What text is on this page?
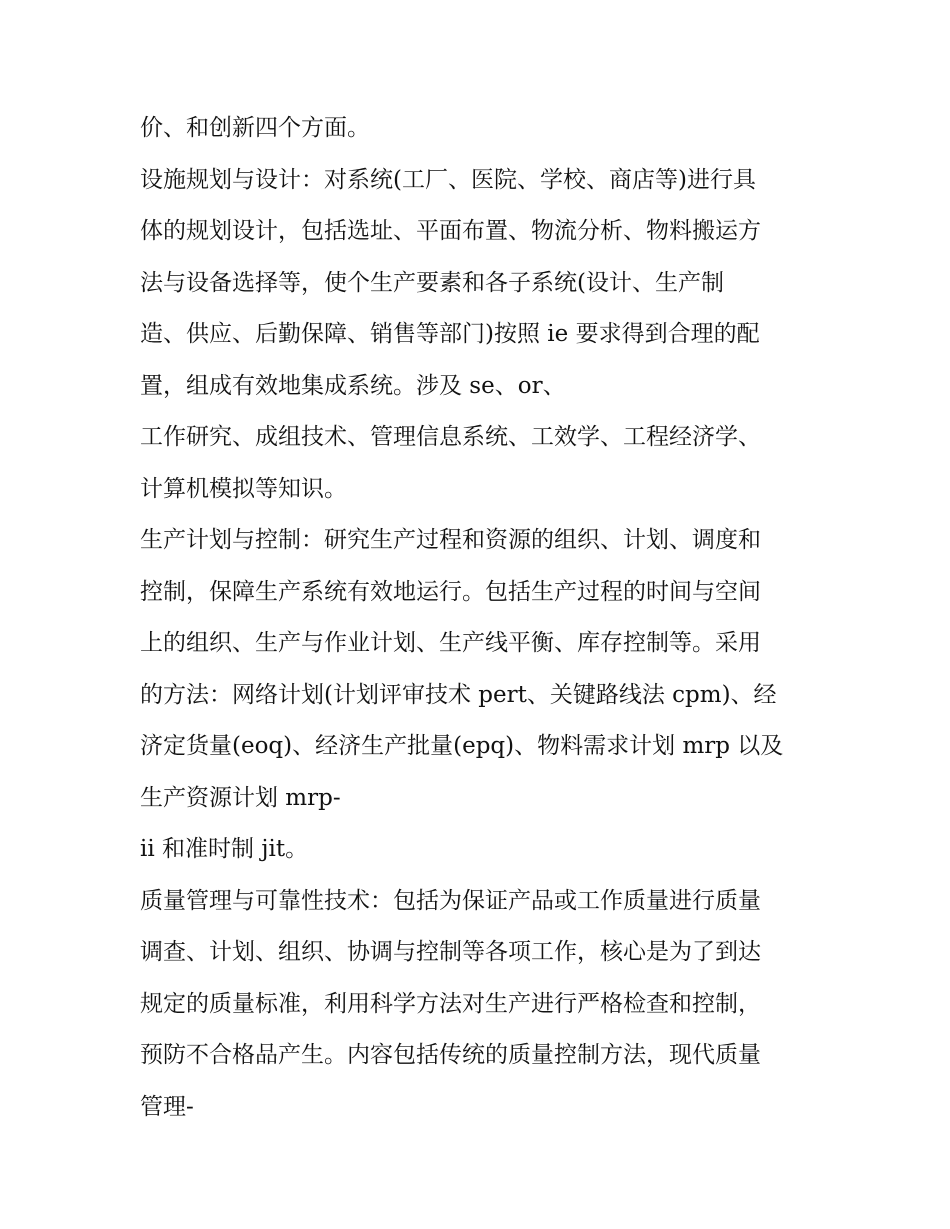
价、和创新四个方面。
设施规划与设计：对系统(工厂、医院、学校、商店等)进行具
体的规划设计，包括选址、平面布置、物流分析、物料搬运方
法与设备选择等，使个生产要素和各子系统(设计、生产制
造、供应、后勤保障、销售等部门)按照 ie 要求得到合理的配
置，组成有效地集成系统。涉及 se、or、
工作研究、成组技术、管理信息系统、工效学、工程经济学、
计算机模拟等知识。
生产计划与控制：研究生产过程和资源的组织、计划、调度和
控制，保障生产系统有效地运行。包括生产过程的时间与空间
上的组织、生产与作业计划、生产线平衡、库存控制等。采用
的方法：网络计划(计划评审技术 pert、关键路线法 cpm)、经
济定货量(eoq)、经济生产批量(epq)、物料需求计划 mrp 以及
生产资源计划 mrp-
ii 和准时制 jit。
质量管理与可靠性技术：包括为保证产品或工作质量进行质量
调查、计划、组织、协调与控制等各项工作，核心是为了到达
规定的质量标准，利用科学方法对生产进行严格检查和控制，
预防不合格品产生。内容包括传统的质量控制方法，现代质量
管理-
